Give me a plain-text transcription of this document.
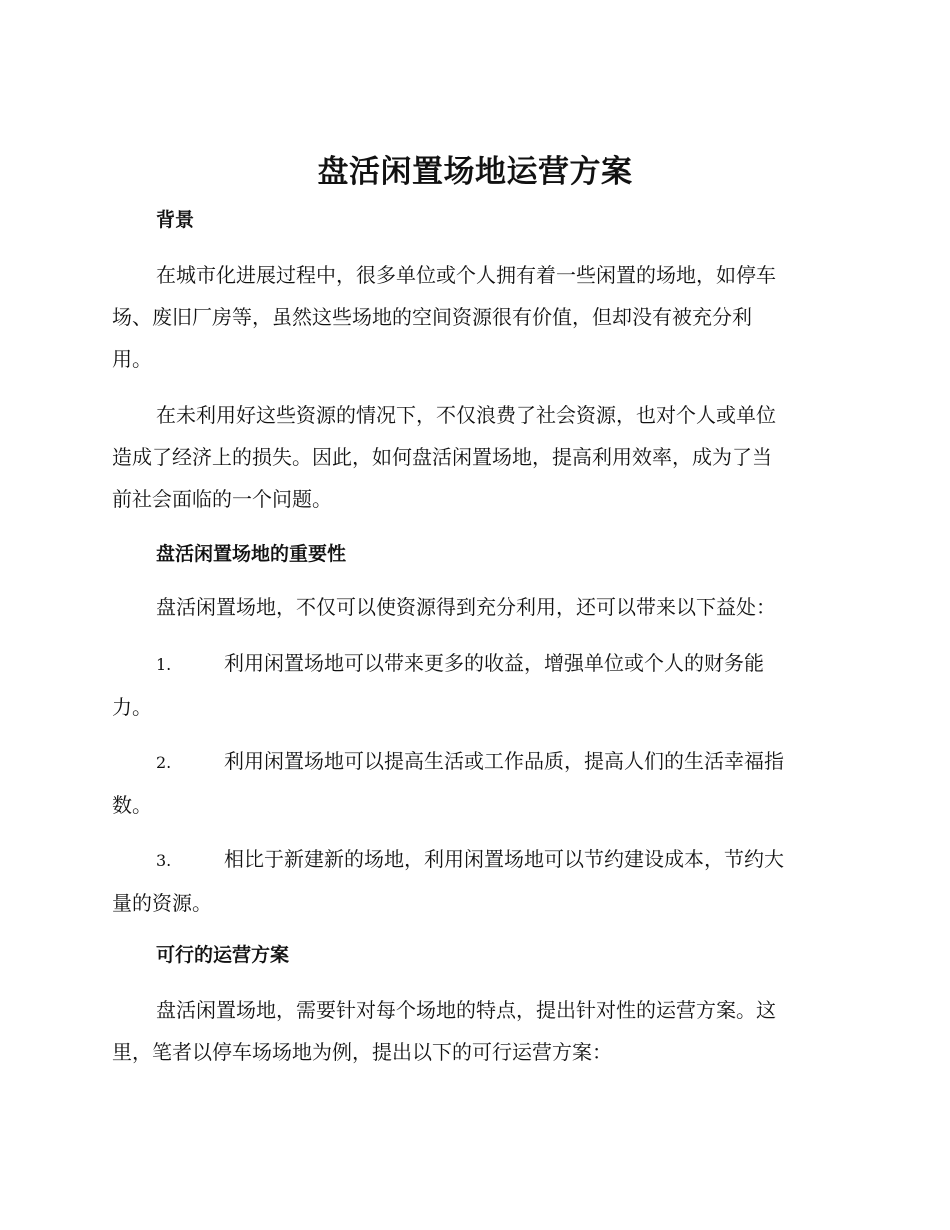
盘活闲置场地运营方案
背景

在城市化进展过程中，很多单位或个人拥有着一些闲置的场地，如停车
场、废旧厂房等，虽然这些场地的空间资源很有价值，但却没有被充分利
用。

在未利用好这些资源的情况下，不仅浪费了社会资源，也对个人或单位
造成了经济上的损失。因此，如何盘活闲置场地，提高利用效率，成为了当
前社会面临的一个问题。

盘活闲置场地的重要性

盘活闲置场地，不仅可以使资源得到充分利用，还可以带来以下益处：

1.	利用闲置场地可以带来更多的收益，增强单位或个人的财务能
力。
2.	利用闲置场地可以提高生活或工作品质，提高人们的生活幸福指
数。
3.	相比于新建新的场地，利用闲置场地可以节约建设成本，节约大
量的资源。
可行的运营方案

盘活闲置场地，需要针对每个场地的特点，提出针对性的运营方案。这
里，笔者以停车场场地为例，提出以下的可行运营方案：
